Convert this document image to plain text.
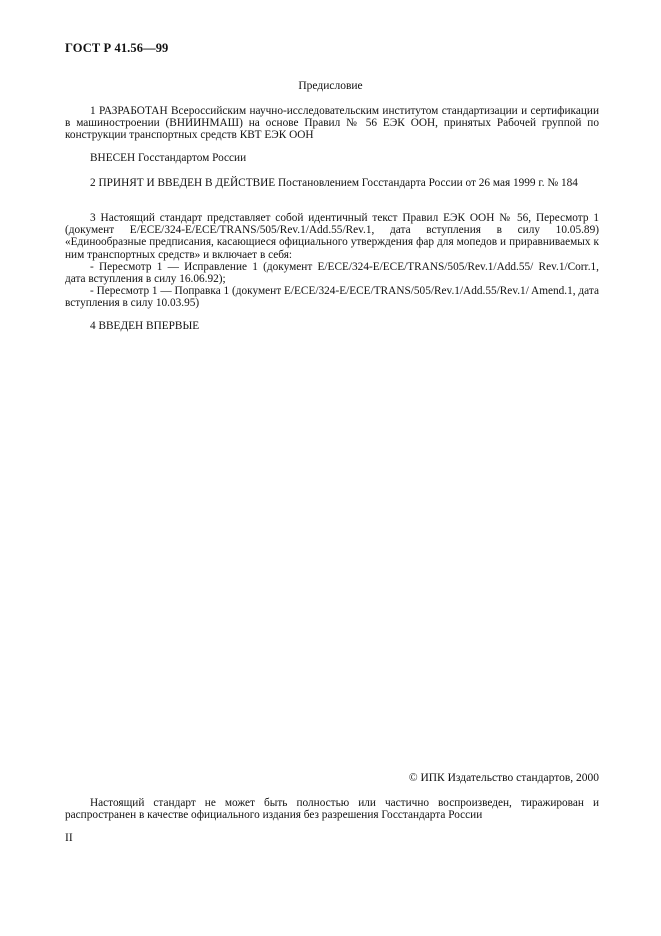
ГОСТ Р 41.56—99
Предисловие
1 РАЗРАБОТАН Всероссийским научно-исследовательским институтом стандартизации и сертификации в машиностроении (ВНИИНМАШ) на основе Правил № 56 ЕЭК ООН, принятых Рабочей группой по конструкции транспортных средств КВТ ЕЭК ООН
ВНЕСЕН Госстандартом России
2 ПРИНЯТ И ВВЕДЕН В ДЕЙСТВИЕ Постановлением Госстандарта России от 26 мая 1999 г. № 184
3 Настоящий стандарт представляет собой идентичный текст Правил ЕЭК ООН № 56, Пересмотр 1 (документ E/ECE/324-E/ECE/TRANS/505/Rev.1/Add.55/Rev.1, дата вступления в силу 10.05.89) «Единообразные предписания, касающиеся официального утверждения фар для мопедов и приравниваемых к ним транспортных средств» и включает в себя:
- Пересмотр 1 — Исправление 1 (документ E/ECE/324-E/ECE/TRANS/505/Rev.1/Add.55/ Rev.1/Corr.1, дата вступления в силу 16.06.92);
- Пересмотр 1 — Поправка 1 (документ E/ECE/324-E/ECE/TRANS/505/Rev.1/Add.55/Rev.1/ Amend.1, дата вступления в силу 10.03.95)
4 ВВЕДЕН ВПЕРВЫЕ
© ИПК Издательство стандартов, 2000
Настоящий стандарт не может быть полностью или частично воспроизведен, тиражирован и распространен в качестве официального издания без разрешения Госстандарта России
II
